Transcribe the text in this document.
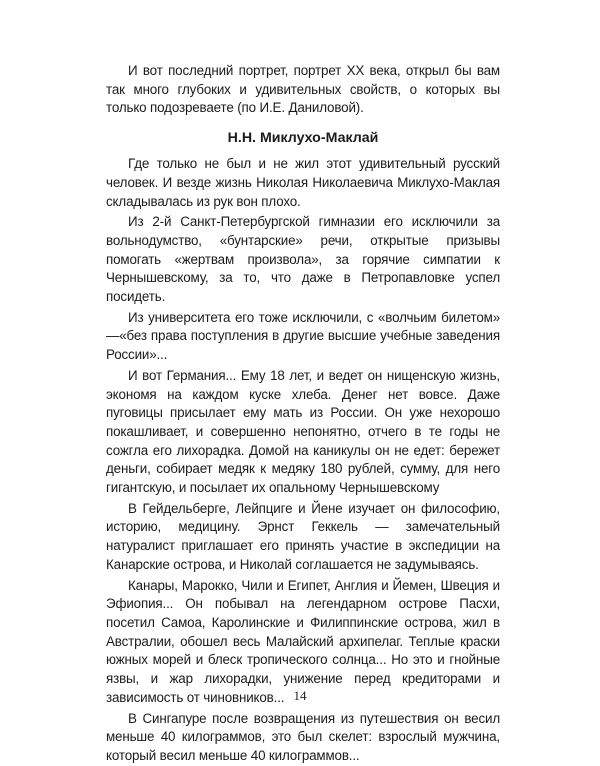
И вот последний портрет, портрет XX века, открыл бы вам так много глубоких и удивительных свойств, о которых вы только подозреваете (по И.Е. Даниловой).

Н.Н. Миклухо-Маклай

Где только не был и не жил этот удивительный русский человек. И везде жизнь Николая Николаевича Миклухо-Маклая складывалась из рук вон плохо.

Из 2-й Санкт-Петербургской гимназии его исключили за вольнодумство, «бунтарские» речи, открытые призывы помогать «жертвам произвола», за горячие симпатии к Чернышевскому, за то, что даже в Петропавловке успел посидеть.

Из университета его тоже исключили, с «волчьим билетом» —«без права поступления в другие высшие учебные заведения России»...

И вот Германия... Ему 18 лет, и ведет он нищенскую жизнь, экономя на каждом куске хлеба. Денег нет вовсе. Даже пуговицы присылает ему мать из России. Он уже нехорошо покашливает, и совершенно непонятно, отчего в те годы не сожгла его лихорадка. Домой на каникулы он не едет: бережет деньги, собирает медяк к медяку 180 рублей, сумму, для него гигантскую, и посылает их опальному Чернышевскому

В Гейдельберге, Лейпциге и Йене изучает он философию, историю, медицину. Эрнст Геккель — замечательный натуралист приглашает его принять участие в экспедиции на Канарские острова, и Николай соглашается не задумываясь.

Канары, Марокко, Чили и Египет, Англия и Йемен, Швеция и Эфиопия... Он побывал на легендарном острове Пасхи, посетил Самоа, Каролинские и Филиппинские острова, жил в Австралии, обошел весь Малайский архипелаг. Теплые краски южных морей и блеск тропического солнца... Но это и гнойные язвы, и жар лихорадки, унижение перед кредиторами и зависимость от чиновников...

В Сингапуре после возвращения из путешествия он весил меньше 40 килограммов, это был скелет: взрослый мужчина, который весил меньше 40 килограммов...

14
